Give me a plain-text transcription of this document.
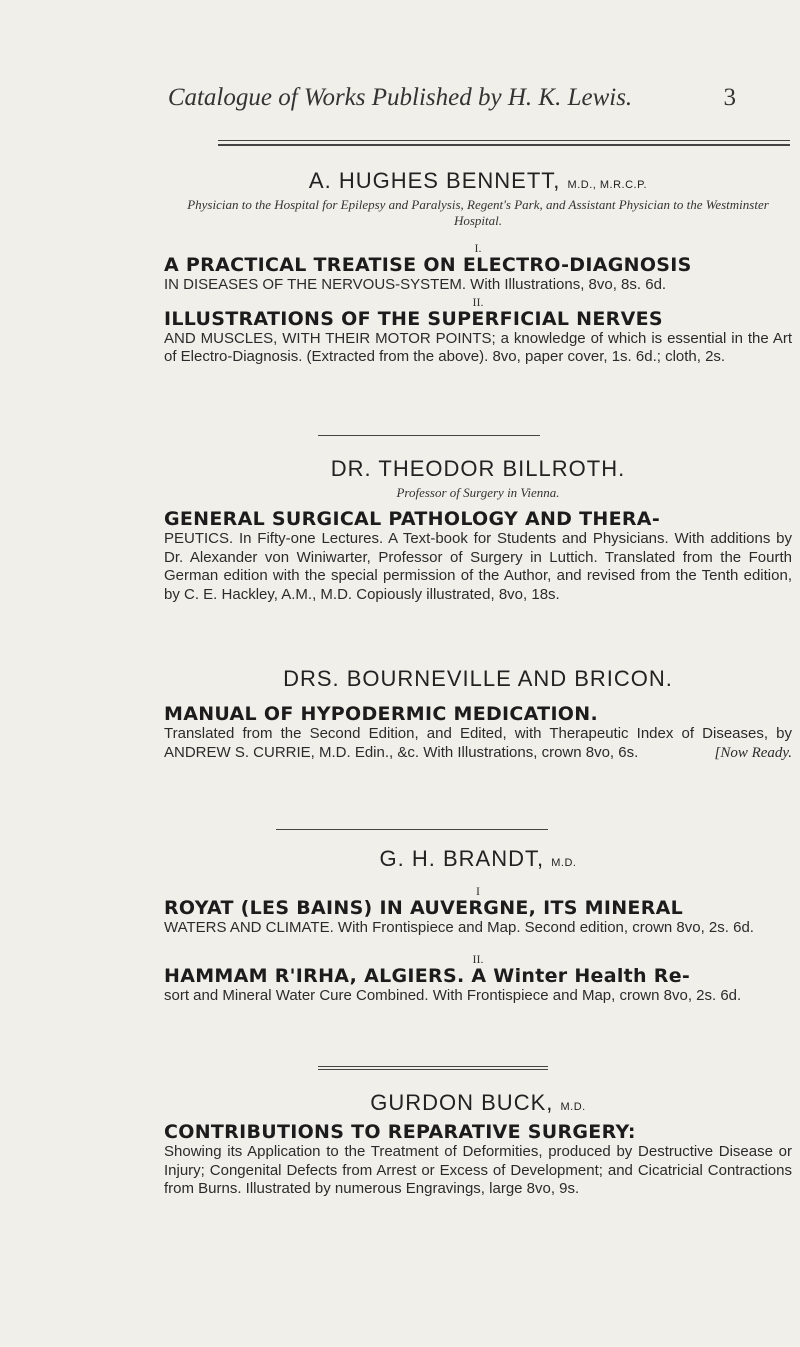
Catalogue of Works Published by H. K. Lewis.	3
A. HUGHES BENNETT, M.D., M.R.C.P.
Physician to the Hospital for Epilepsy and Paralysis, Regent's Park, and Assistant Physician to the Westminster Hospital.
I.
A PRACTICAL TREATISE ON ELECTRO-DIAGNOSIS
IN DISEASES OF THE NERVOUS-SYSTEM. With Illustrations, 8vo, 8s. 6d.
II.
ILLUSTRATIONS OF THE SUPERFICIAL NERVES
AND MUSCLES, WITH THEIR MOTOR POINTS; a knowledge of which is essential in the Art of Electro-Diagnosis. (Extracted from the above). 8vo, paper cover, 1s. 6d.; cloth, 2s.
DR. THEODOR BILLROTH.
Professor of Surgery in Vienna.
GENERAL SURGICAL PATHOLOGY AND THERA-
PEUTICS. In Fifty-one Lectures. A Text-book for Students and Physicians. With additions by Dr. Alexander von Winiwarter, Professor of Surgery in Luttich. Translated from the Fourth German edition with the special permission of the Author, and revised from the Tenth edition, by C. E. Hackley, A.M., M.D. Copiously illustrated, 8vo, 18s.
DRS. BOURNEVILLE AND BRICON.
MANUAL OF HYPODERMIC MEDICATION.
Translated from the Second Edition, and Edited, with Therapeutic Index of Diseases, by ANDREW S. CURRIE, M.D. Edin., &c. With Illustrations, crown 8vo, 6s.	[Now Ready.
G. H. BRANDT, M.D.
I
ROYAT (LES BAINS) IN AUVERGNE, ITS MINERAL
WATERS AND CLIMATE. With Frontispiece and Map. Second edition, crown 8vo, 2s. 6d.
II.
HAMMAM R'IRHA, ALGIERS. A Winter Health Re-
sort and Mineral Water Cure Combined. With Frontispiece and Map, crown 8vo, 2s. 6d.
GURDON BUCK, M.D.
CONTRIBUTIONS TO REPARATIVE SURGERY:
Showing its Application to the Treatment of Deformities, produced by Destructive Disease or Injury; Congenital Defects from Arrest or Excess of Development; and Cicatricial Contractions from Burns. Illustrated by numerous Engravings, large 8vo, 9s.
